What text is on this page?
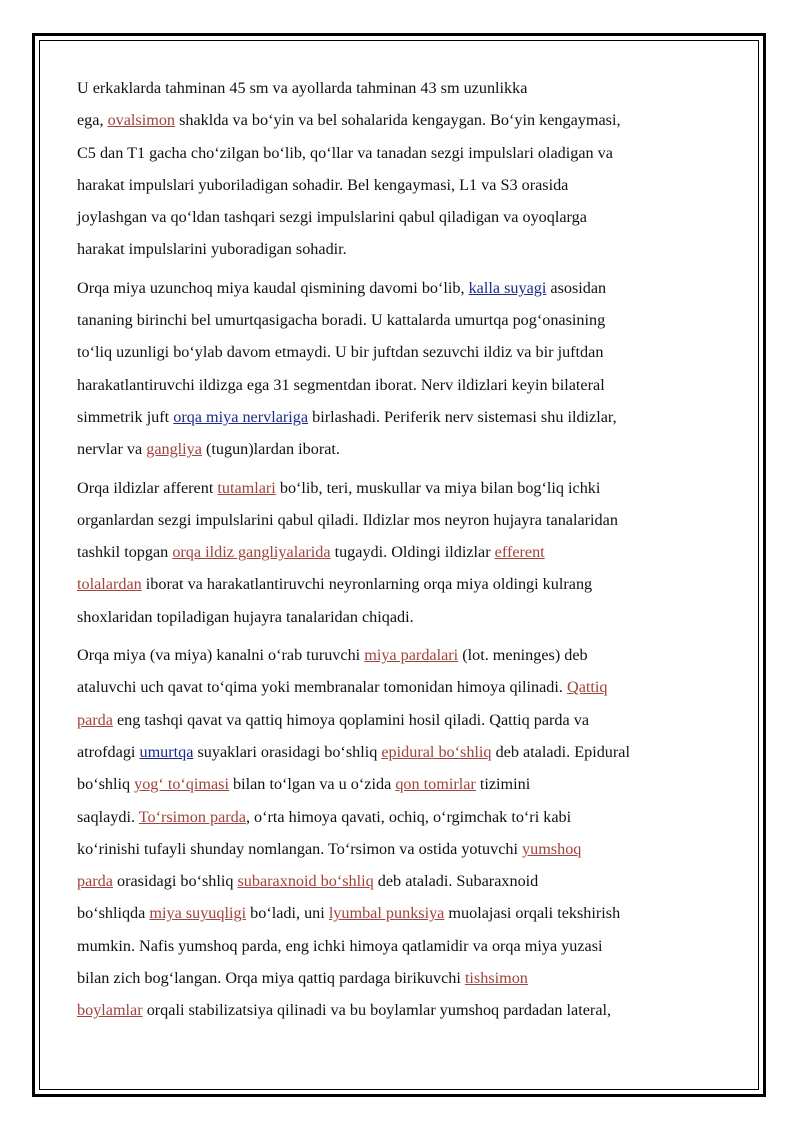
U erkaklarda tahminan 45 sm va ayollarda tahminan 43 sm uzunlikka
ega, ovalsimon shaklda va bo‘yin va bel sohalarida kengaygan. Bo‘yin kengaymasi,
C5 dan T1 gacha cho‘zilgan bo‘lib, qo‘llar va tanadan sezgi impulslari oladigan va
harakat impulslari yuboriladigan sohadir. Bel kengaymasi, L1 va S3 orasida
joylashgan va qo‘ldan tashqari sezgi impulslarini qabul qiladigan va oyoqlarga
harakat impulslarini yuboradigan sohadir.
Orqa miya uzunchoq miya kaudal qismining davomi bo‘lib, kalla suyagi asosidan
tananing birinchi bel umurtqasigacha boradi. U kattalarda umurtqa pog‘onasining
to‘liq uzunligi bo‘ylab davom etmaydi. U bir juftdan sezuvchi ildiz va bir juftdan
harakatlantiruvchi ildizga ega 31 segmentdan iborat. Nerv ildizlari keyin bilateral
simmetrik juft orqa miya nervlariga birlashadi. Periferik nerv sistemasi shu ildizlar,
nervlar va gangliya (tugun)lardan iborat.
Orqa ildizlar afferent tutamlari bo‘lib, teri, muskullar va miya bilan bog‘liq ichki
organlardan sezgi impulslarini qabul qiladi. Ildizlar mos neyron hujayra tanalaridan
tashkil topgan orqa ildiz gangliyalarida tugaydi. Oldingi ildizlar efferent
tolalardan iborat va harakatlantiruvchi neyronlarning orqa miya oldingi kulrang
shoxlaridan topiladigan hujayra tanalaridan chiqadi.
Orqa miya (va miya) kanalni o‘rab turuvchi miya pardalari (lot. meninges) deb
ataluvchi uch qavat to‘qima yoki membranalar tomonidan himoya qilinadi. Qattiq
parda eng tashqi qavat va qattiq himoya qoplamini hosil qiladi. Qattiq parda va
atrofdagi umurtqa suyaklari orasidagi bo‘shliq epidural bo‘shliq deb ataladi. Epidural
bo‘shliq yog‘ to‘qimasi bilan to‘lgan va u o‘zida qon tomirlar tizimini
saqlaydi. To‘rsimon parda, o‘rta himoya qavati, ochiq, o‘rgimchak to‘ri kabi
ko‘rinishi tufayli shunday nomlangan. To‘rsimon va ostida yotuvchi yumshoq
parda orasidagi bo‘shliq subaraxnoid bo‘shliq deb ataladi. Subaraxnoid
bo‘shliqda miya suyuqligi bo‘ladi, uni lyumbal punksiya muolajasi orqali tekshirish
mumkin. Nafis yumshoq parda, eng ichki himoya qatlamidir va orqa miya yuzasi
bilan zich bog‘langan. Orqa miya qattiq pardaga birikuvchi tishsimon
boylamlar orqali stabilizatsiya qilinadi va bu boylamlar yumshoq pardadan lateral,
